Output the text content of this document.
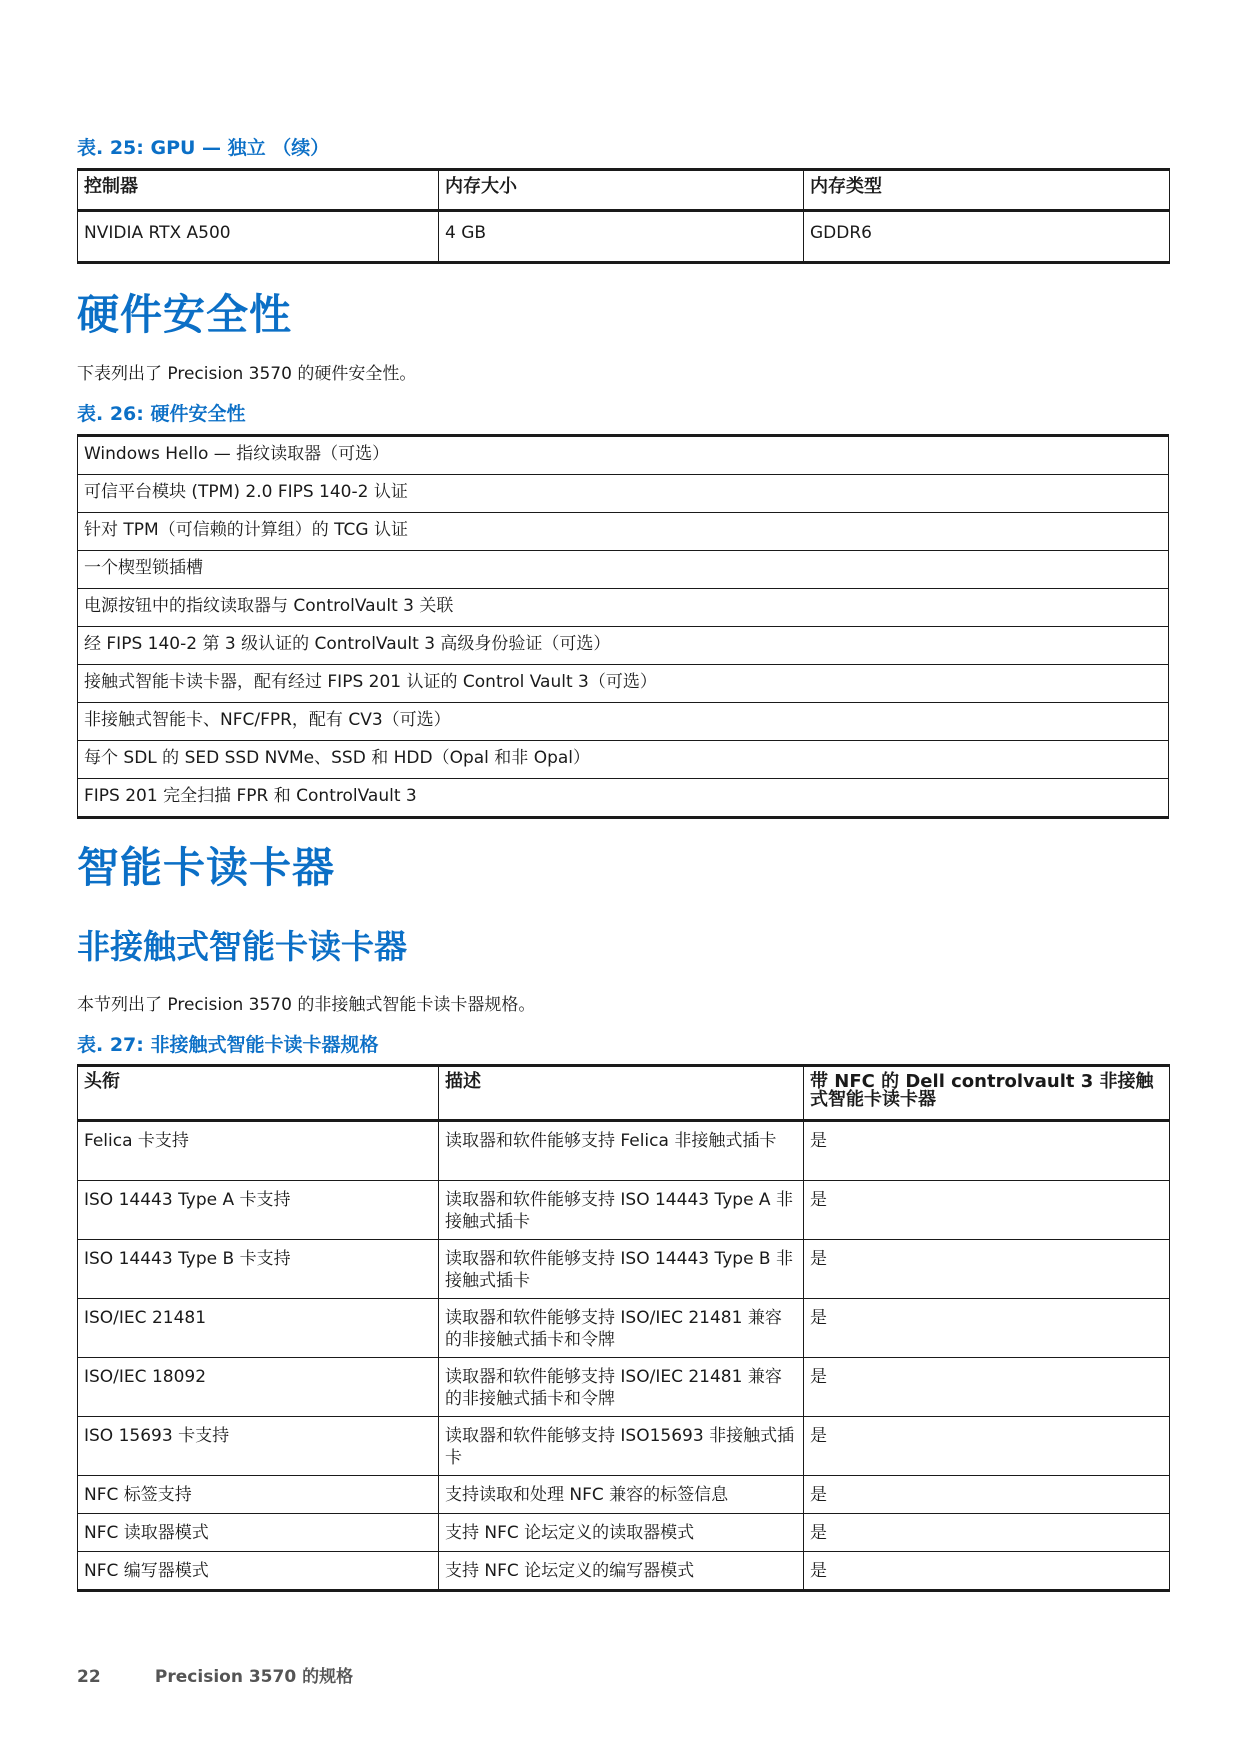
表. 25: GPU — 独立 （续）
控制器	内存大小	内存类型
NVIDIA RTX A500	4 GB	GDDR6
硬件安全性

下表列出了 Precision 3570 的硬件安全性。

表. 26: 硬件安全性
Windows Hello — 指纹读取器（可选）
可信平台模块 (TPM) 2.0 FIPS 140-2 认证
针对 TPM（可信赖的计算组）的 TCG 认证
一个楔型锁插槽
电源按钮中的指纹读取器与 ControlVault 3 关联
经 FIPS 140-2 第 3 级认证的 ControlVault 3 高级身份验证（可选）
接触式智能卡读卡器，配有经过 FIPS 201 认证的 Control Vault 3（可选）
非接触式智能卡、NFC/FPR，配有 CV3（可选）
每个 SDL 的 SED SSD NVMe、SSD 和 HDD（Opal 和非 Opal）
FIPS 201 完全扫描 FPR 和 ControlVault 3
智能卡读卡器
非接触式智能卡读卡器

本节列出了 Precision 3570 的非接触式智能卡读卡器规格。

表. 27: 非接触式智能卡读卡器规格
头衔	描述	带 NFC 的 Dell controlvault 3 非接触式智能卡读卡器
Felica 卡支持	读取器和软件能够支持 Felica 非接触式插卡	是
ISO 14443 Type A 卡支持	读取器和软件能够支持 ISO 14443 Type A 非接触式插卡	是
ISO 14443 Type B 卡支持	读取器和软件能够支持 ISO 14443 Type B 非接触式插卡	是
ISO/IEC 21481	读取器和软件能够支持 ISO/IEC 21481 兼容的非接触式插卡和令牌	是
ISO/IEC 18092	读取器和软件能够支持 ISO/IEC 21481 兼容的非接触式插卡和令牌	是
ISO 15693 卡支持	读取器和软件能够支持 ISO15693 非接触式插卡	是
NFC 标签支持	支持读取和处理 NFC 兼容的标签信息	是
NFC 读取器模式	支持 NFC 论坛定义的读取器模式	是
NFC 编写器模式	支持 NFC 论坛定义的编写器模式	是
22	Precision 3570 的规格
